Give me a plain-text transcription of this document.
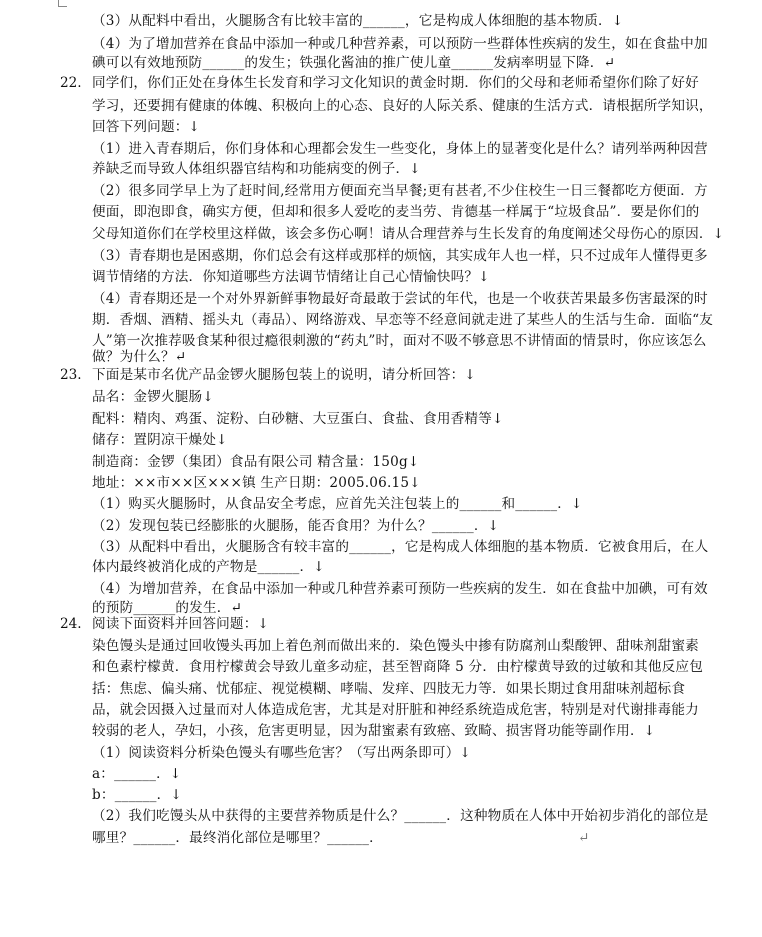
22.
23.
24.
（3）从配料中看出，火腿肠含有比较丰富的______，它是构成人体细胞的基本物质．↓
（4）为了增加营养在食品中添加一种或几种营养素，可以预防一些群体性疾病的发生，如在食盐中加
碘可以有效地预防______的发生；铁强化酱油的推广使儿童______发病率明显下降．↵
同学们，你们正处在身体生长发育和学习文化知识的黄金时期．你们的父母和老师希望你们除了好好
学习，还要拥有健康的体魄、积极向上的心态、良好的人际关系、健康的生活方式．请根据所学知识，
回答下列问题：↓
（1）进入青春期后，你们身体和心理都会发生一些变化，身体上的显著变化是什么？请列举两种因营
养缺乏而导致人体组织器官结构和功能病变的例子．↓
（2）很多同学早上为了赶时间,经常用方便面充当早餐;更有甚者,不少住校生一日三餐都吃方便面．方
便面，即泡即食，确实方便，但却和很多人爱吃的麦当劳、肯德基一样属于“垃圾食品”．要是你们的
父母知道你们在学校里这样做，该会多伤心啊！请从合理营养与生长发育的角度阐述父母伤心的原因．↓
（3）青春期也是困惑期，你们总会有这样或那样的烦恼，其实成年人也一样，只不过成年人懂得更多
调节情绪的方法．你知道哪些方法调节情绪让自己心情愉快吗？↓
（4）青春期还是一个对外界新鲜事物最好奇最敢于尝试的年代，也是一个收获苦果最多伤害最深的时
期．香烟、酒精、摇头丸（毒品）、网络游戏、早恋等不经意间就走进了某些人的生活与生命．面临“友
人”第一次推荐吸食某种很过瘾很刺激的“药丸”时，面对不吸不够意思不讲情面的情景时，你应该怎么
做？为什么？↵
下面是某市名优产品金锣火腿肠包装上的说明，请分析回答：↓
品名：金锣火腿肠↓
配料：精肉、鸡蛋、淀粉、白砂糖、大豆蛋白、食盐、食用香精等↓
储存：置阴凉干燥处↓
制造商：金锣（集团）食品有限公司 精含量：150g↓
地址：××市××区×××镇 生产日期：2005.06.15↓
（1）购买火腿肠时，从食品安全考虑，应首先关注包装上的______和______．↓
（2）发现包装已经膨胀的火腿肠，能否食用？为什么？______．↓
（3）从配料中看出，火腿肠含有较丰富的______，它是构成人体细胞的基本物质．它被食用后，在人
体内最终被消化成的产物是______．↓
（4）为增加营养，在食品中添加一种或几种营养素可预防一些疾病的发生．如在食盐中加碘，可有效
的预防______的发生．↵
阅读下面资料并回答问题：↓
染色馒头是通过回收馒头再加上着色剂而做出来的．染色馒头中掺有防腐剂山梨酸钾、甜味剂甜蜜素
和色素柠檬黄．食用柠檬黄会导致儿童多动症，甚至智商降 5 分．由柠檬黄导致的过敏和其他反应包
括：焦虑、偏头痛、忧郁症、视觉模糊、哮喘、发痒、四肢无力等．如果长期过食用甜味剂超标食
品，就会因摄入过量而对人体造成危害，尤其是对肝脏和神经系统造成危害，特别是对代谢排毒能力
较弱的老人，孕妇，小孩，危害更明显，因为甜蜜素有致癌、致畸、损害肾功能等副作用．↓
（1）阅读资料分析染色馒头有哪些危害？（写出两条即可）↓
a：______．↓
b：______．↓
（2）我们吃馒头从中获得的主要营养物质是什么？______．这种物质在人体中开始初步消化的部位是
哪里？______．最终消化部位是哪里？______．	↵
